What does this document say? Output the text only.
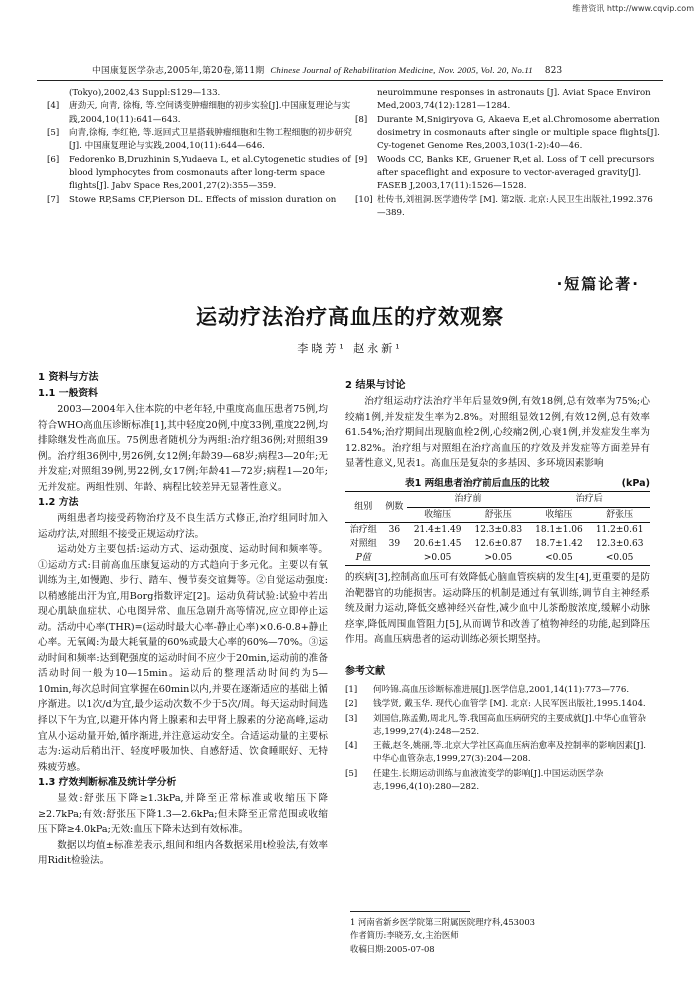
维普资讯 http://www.cqvip.com
中国康复医学杂志,2005年,第20卷,第11期 Chinese Journal of Rehabilitation Medicine, Nov. 2005, Vol. 20, No.11 823
(Tokyo),2002,43 Suppl:S129—133.
[4]	唐劲天, 向青, 徐梅, 等.空间诱变肿瘤细胞的初步实验[J].中国康复理论与实践,2004,10(11):641—643.
[5]	向青,徐梅, 李红艳, 等.返回式卫星搭载肿瘤细胞和生物工程细胞的初步研究 [J]. 中国康复理论与实践,2004,10(11):644—646.
[6]	Fedorenko B,Druzhinin S,Yudaeva L, et al.Cytogenetic studies of blood lymphocytes from cosmonauts after long-term space flights[J]. Jabv Space Res,2001,27(2):355—359.
[7]	Stowe RP,Sams CF,Pierson DL. Effects of mission duration on
neuroimmune responses in astronauts [J]. Aviat Space Environ Med,2003,74(12):1281—1284.
[8]	Durante M,Snigiryova G, Akaeva E,et al.Chromosome aberration dosimetry in cosmonauts after single or multiple space flights[J]. Cy-togenet Genome Res,2003,103(1-2):40—46.
[9]	Woods CC, Banks KE, Gruener R,et al. Loss of T cell precursors after spaceflight and exposure to vector-averaged gravity[J]. FASEB J,2003,17(11):1526—1528.
[10] 杜传书,刘祖洞.医学遗传学 [M]. 第2版. 北京:人民卫生出版社,1992.376—389.
·短篇论著·
运动疗法治疗高血压的疗效观察
李晓芳¹ 赵永新¹
1 资料与方法
1.1 一般资料

2003—2004年入住本院的中老年轻,中重度高血压患者75例,均符合WHO高血压诊断标准[1],其中轻度20例,中度33例,重度22例,均排除继发性高血压。75例患者随机分为两组:治疗组36例;对照组39例。治疗组36例中,男26例,女12例;年龄39—68岁;病程3—20年;无并发症;对照组39例,男22例,女17例;年龄41—72岁;病程1—20年;无并发症。两组性别、年龄、病程比较差异无显著性意义。

1.2 方法

两组患者均接受药物治疗及不良生活方式修正,治疗组同时加入运动疗法,对照组不接受正规运动疗法。

运动处方主要包括:运动方式、运动强度、运动时间和频率等。①运动方式:目前高血压康复运动的方式趋向于多元化。主要以有氧训练为主,如慢跑、步行、踏车、慢节奏交谊舞等。②自觉运动强度:以稍感能出汗为宜,用Borg指数评定[2]。运动负荷试验:试验中若出现心肌缺血症状、心电图异常、血压急剧升高等情况,应立即停止运动。活动中心率(THR)=(运动时最大心率-静止心率)×0.6-0.8+静止心率。无氧阈:为最大耗氧量的60%或最大心率的60%—70%。③运动时间和频率:达到靶强度的运动时间不应少于20min,运动前的准备活动时间一般为10—15min。运动后的整理活动时间约为5—10min,每次总时间宜掌握在60min以内,并要在逐渐适应的基础上循序渐进。以1次/d为宜,最少运动次数不少于5次/周。每天运动时间选择以下午为宜,以避开体内肾上腺素和去甲肾上腺素的分泌高峰,运动宜从小运动量开始,循序渐进,并注意运动安全。合适运动量的主要标志为:运动后稍出汗、轻度呼吸加快、自感舒适、饮食睡眠好、无特殊疲劳感。

1.3 疗效判断标准及统计学分析

显效:舒张压下降≥1.3kPa,并降至正常标准或收缩压下降≥2.7kPa;有效:舒张压下降1.3—2.6kPa;但未降至正常范围或收缩压下降≥4.0kPa;无效:血压下降未达到有效标准。

数据以均值±标准差表示,组间和组内各数据采用t检验法,有效率用Ridit检验法。

2 结果与讨论

治疗组运动疗法治疗半年后显效9例,有效18例,总有效率为75%;心绞痛1例,并发症发生率为2.8%。对照组显效12例,有效12例,总有效率61.54%;治疗期间出现脑血栓2例,心绞痛2例,心衰1例,并发症发生率为12.82%。治疗组与对照组在治疗高血压的疗效及并发症等方面差异有显著性意义,见表1。高血压是复杂的多基因、多环境因素影响

表1 两组患者治疗前后血压的比较	(kPa)
组别	例数	治疗前		治疗后	
		收缩压	舒张压	收缩压	舒张压
治疗组	36	21.4±1.49	12.3±0.83	18.1±1.06	11.2±0.61
对照组	39	20.6±1.45	12.6±0.87	18.7±1.42	12.3±0.63
P值		>0.05	>0.05	<0.05	<0.05

的疾病[3],控制高血压可有效降低心脑血管疾病的发生[4],更重要的是防治靶器官的功能损害。运动降压的机制是通过有氧训练,调节自主神经系统及耐力运动,降低交感神经兴奋性,减少血中儿茶酚胺浓度,缓解小动脉痉挛,降低周围血管阻力[5],从而调节和改善了植物神经的功能,起到降压作用。高血压病患者的运动训练必须长期坚持。

参考文献
[1]	何吟锦.高血压诊断标准进展[J].医学信息,2001,14(11):773—776.
[2]	钱学贤, 戴玉华. 现代心血管学 [M]. 北京: 人民军医出版社,1995.1404.
[3]	刘国信,陈孟勤,周北凡,等.我国高血压病研究的主要成就[J].中华心血管杂志,1999,27(4):248—252.
[4]	王薇,赵冬,姚丽,等.北京大学社区高血压病治愈率及控制率的影响因素[J].中华心血管杂志,1999,27(3):204—208.
[5]	任建生.长期运动训练与血液流变学的影响[J].中国运动医学杂志,1996,4(10):280—282.
1 河南省新乡医学院第三附属医院理疗科,453003
作者简历:李晓芳,女,主治医师
收稿日期:2005-07-08
